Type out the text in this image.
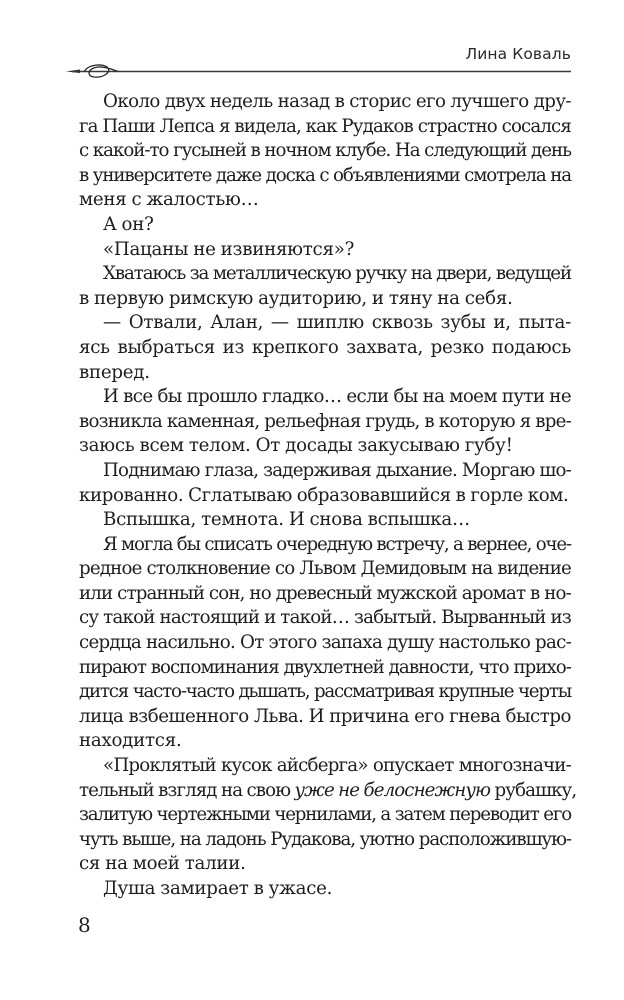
Лина Коваль
Около двух недель назад в сторис его лучшего дру-
га Паши Лепса я видела, как Рудаков страстно сосался
с какой-то гусыней в ночном клубе. На следующий день
в университете даже доска с объявлениями смотрела на
меня с жалостью…
А он?
«Пацаны не извиняются»?
Хватаюсь за металлическую ручку на двери, ведущей
в первую римскую аудиторию, и тяну на себя.
— Отвали, Алан, — шиплю сквозь зубы и, пыта-
ясь выбраться из крепкого захвата, резко подаюсь
вперед.
И все бы прошло гладко… если бы на моем пути не
возникла каменная, рельефная грудь, в которую я вре-
заюсь всем телом. От досады закусываю губу!
Поднимаю глаза, задерживая дыхание. Моргаю шо-
кированно. Сглатываю образовавшийся в горле ком.
Вспышка, темнота. И снова вспышка…
Я могла бы списать очередную встречу, а вернее, оче-
редное столкновение со Львом Демидовым на видение
или странный сон, но древесный мужской аромат в но-
су такой настоящий и такой… забытый. Вырванный из
сердца насильно. От этого запаха душу настолько рас-
пирают воспоминания двухлетней давности, что прихо-
дится часто-часто дышать, рассматривая крупные черты
лица взбешенного Льва. И причина его гнева быстро
находится.
«Проклятый кусок айсберга» опускает многозначи-
тельный взгляд на свою уже не белоснежную рубашку,
залитую чертежными чернилами, а затем переводит его
чуть выше, на ладонь Рудакова, уютно расположившую-
ся на моей талии.
Душа замирает в ужасе.
8
